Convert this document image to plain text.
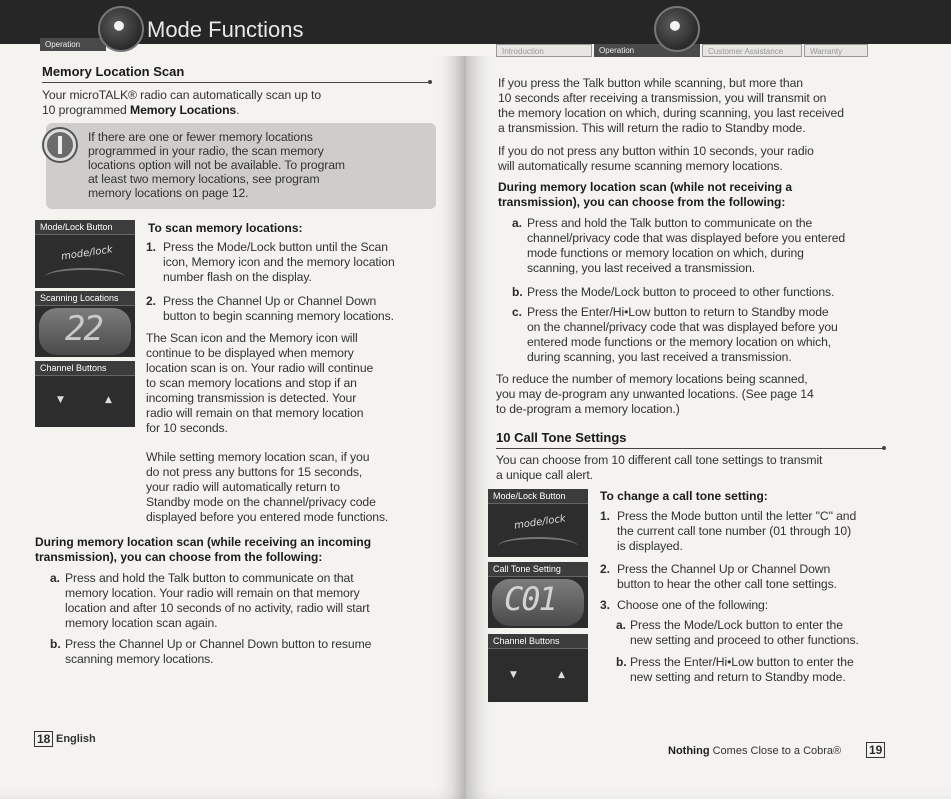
Operation
• Mode Functions
Memory Location Scan
Your microTALK® radio can automatically scan up to
10 programmed Memory Locations.
If there are one or fewer memory locations
programmed in your radio, the scan memory
locations option will not be available. To program
at least two memory locations, see program
memory locations on page 12.
Mode/Lock Button
mode/lock
Scanning Locations
22
Channel Buttons
▼	▲
To scan memory locations:
1. Press the Mode/Lock button until the Scan
icon, Memory icon and the memory location
number flash on the display.
2. Press the Channel Up or Channel Down
button to begin scanning memory locations.
The Scan icon and the Memory icon will
continue to be displayed when memory
location scan is on. Your radio will continue
to scan memory locations and stop if an
incoming transmission is detected. Your
radio will remain on that memory location
for 10 seconds.
While setting memory location scan, if you
do not press any buttons for 15 seconds,
your radio will automatically return to
Standby mode on the channel/privacy code
displayed before you entered mode functions.
During memory location scan (while receiving an incoming
transmission), you can choose from the following:
a. Press and hold the Talk button to communicate on that
memory location. Your radio will remain on that memory
location and after 10 seconds of no activity, radio will start
memory location scan again.
b. Press the Channel Up or Channel Down button to resume
scanning memory locations.
18 English
Introduction	Operation	Customer Assistance	Warranty
•
If you press the Talk button while scanning, but more than
10 seconds after receiving a transmission, you will transmit on
the memory location on which, during scanning, you last received
a transmission. This will return the radio to Standby mode.
If you do not press any button within 10 seconds, your radio
will automatically resume scanning memory locations.
During memory location scan (while not receiving a
transmission), you can choose from the following:
a. Press and hold the Talk button to communicate on the
channel/privacy code that was displayed before you entered
mode functions or memory location on which, during
scanning, you last received a transmission.
b. Press the Mode/Lock button to proceed to other functions.
c. Press the Enter/Hi•Low button to return to Standby mode
on the channel/privacy code that was displayed before you
entered mode functions or the memory location on which,
during scanning, you last received a transmission.
To reduce the number of memory locations being scanned,
you may de-program any unwanted locations. (See page 14
to de-program a memory location.)
10 Call Tone Settings
You can choose from 10 different call tone settings to transmit
a unique call alert.
Mode/Lock Button
mode/lock
Call Tone Setting
C01
Channel Buttons
▼	▲
To change a call tone setting:
1. Press the Mode button until the letter "C" and
the current call tone number (01 through 10)
is displayed.
2. Press the Channel Up or Channel Down
button to hear the other call tone settings.
3. Choose one of the following:
a. Press the Mode/Lock button to enter the
new setting and proceed to other functions.
b. Press the Enter/Hi•Low button to enter the
new setting and return to Standby mode.
Nothing Comes Close to a Cobra® 19
